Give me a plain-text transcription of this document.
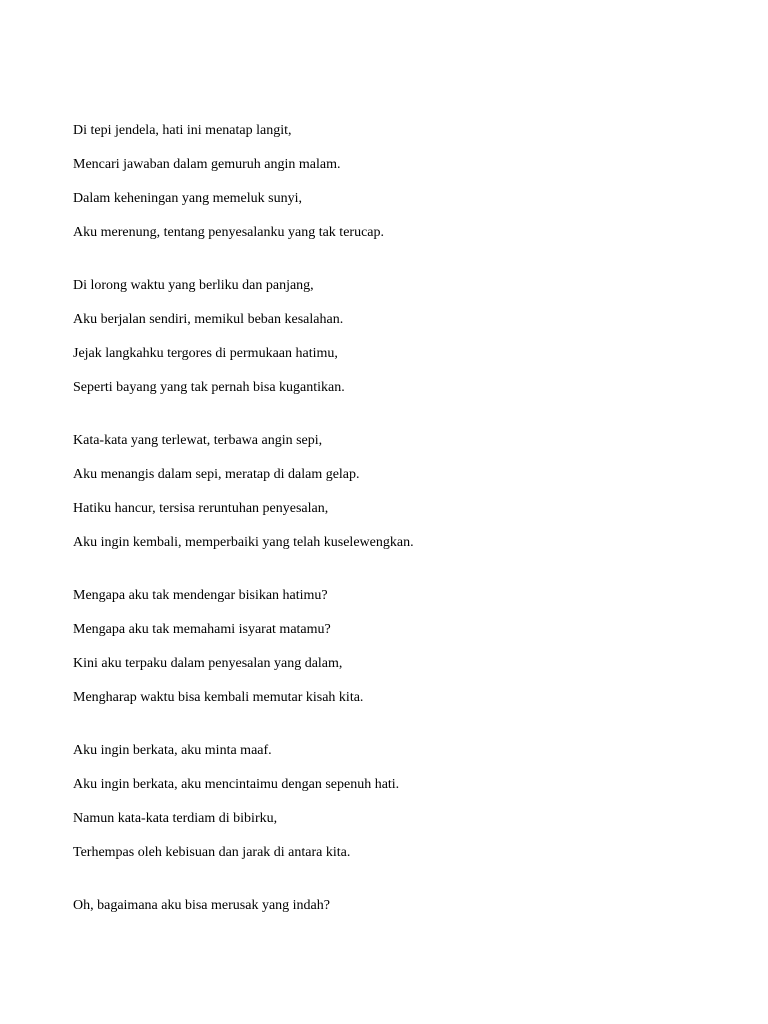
Di tepi jendela, hati ini menatap langit,
Mencari jawaban dalam gemuruh angin malam.
Dalam keheningan yang memeluk sunyi,
Aku merenung, tentang penyesalanku yang tak terucap.
Di lorong waktu yang berliku dan panjang,
Aku berjalan sendiri, memikul beban kesalahan.
Jejak langkahku tergores di permukaan hatimu,
Seperti bayang yang tak pernah bisa kugantikan.
Kata-kata yang terlewat, terbawa angin sepi,
Aku menangis dalam sepi, meratap di dalam gelap.
Hatiku hancur, tersisa reruntuhan penyesalan,
Aku ingin kembali, memperbaiki yang telah kuselewengkan.
Mengapa aku tak mendengar bisikan hatimu?
Mengapa aku tak memahami isyarat matamu?
Kini aku terpaku dalam penyesalan yang dalam,
Mengharap waktu bisa kembali memutar kisah kita.
Aku ingin berkata, aku minta maaf.
Aku ingin berkata, aku mencintaimu dengan sepenuh hati.
Namun kata-kata terdiam di bibirku,
Terhempas oleh kebisuan dan jarak di antara kita.
Oh, bagaimana aku bisa merusak yang indah?
